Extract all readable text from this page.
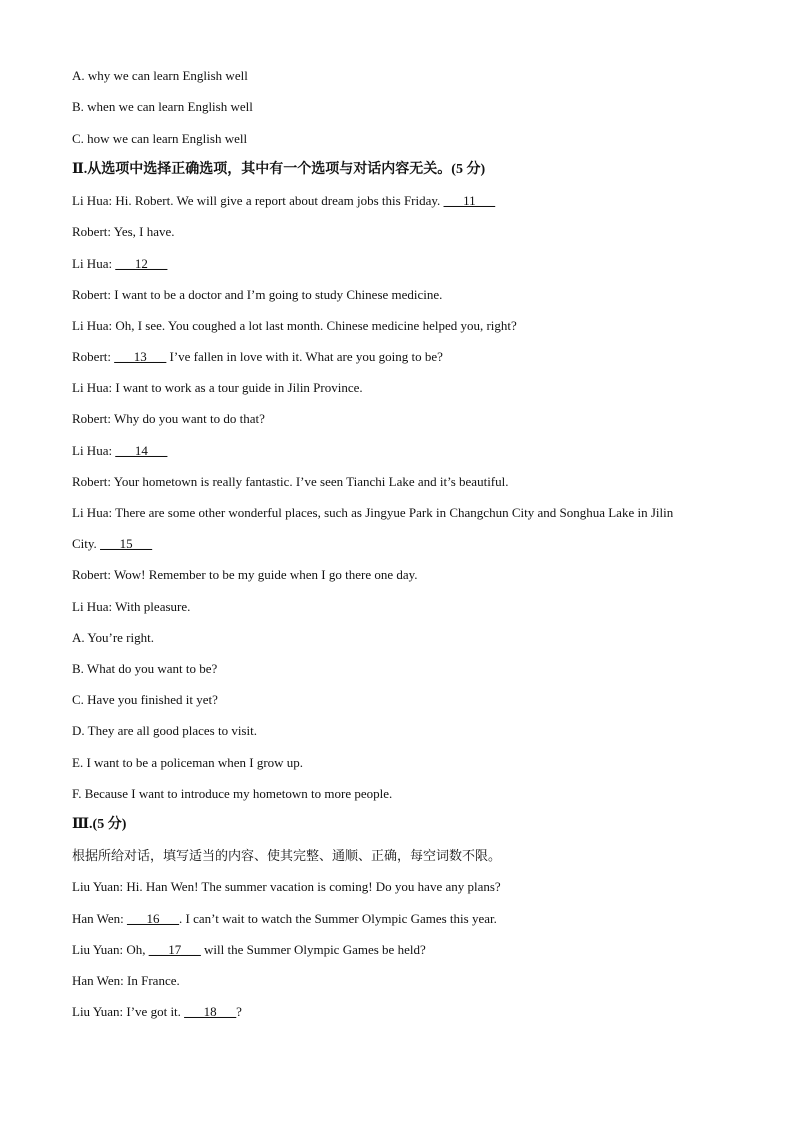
A. why we can learn English well
B. when we can learn English well
C. how we can learn English well
Ⅱ.从选项中选择正确选项，其中有一个选项与对话内容无关。(5 分)
Li Hua: Hi. Robert. We will give a report about dream jobs this Friday. ___11___
Robert: Yes, I have.
Li Hua: ___12___
Robert: I want to be a doctor and I’m going to study Chinese medicine.
Li Hua: Oh, I see. You coughed a lot last month. Chinese medicine helped you, right?
Robert: ___13___ I’ve fallen in love with it. What are you going to be?
Li Hua: I want to work as a tour guide in Jilin Province.
Robert: Why do you want to do that?
Li Hua: ___14___
Robert: Your hometown is really fantastic. I’ve seen Tianchi Lake and it’s beautiful.
Li Hua: There are some other wonderful places, such as Jingyue Park in Changchun City and Songhua Lake in Jilin
City. ___15___
Robert: Wow! Remember to be my guide when I go there one day.
Li Hua: With pleasure.
A. You’re right.
B. What do you want to be?
C. Have you finished it yet?
D. They are all good places to visit.
E. I want to be a policeman when I grow up.
F. Because I want to introduce my hometown to more people.
Ⅲ.(5 分)
根据所给对话，填写适当的内容、使其完整、通顺、正确，每空词数不限。
Liu Yuan: Hi. Han Wen! The summer vacation is coming! Do you have any plans?
Han Wen: ___16___. I can’t wait to watch the Summer Olympic Games this year.
Liu Yuan: Oh, ___17___ will the Summer Olympic Games be held?
Han Wen: In France.
Liu Yuan: I’ve got it. ___18___?
